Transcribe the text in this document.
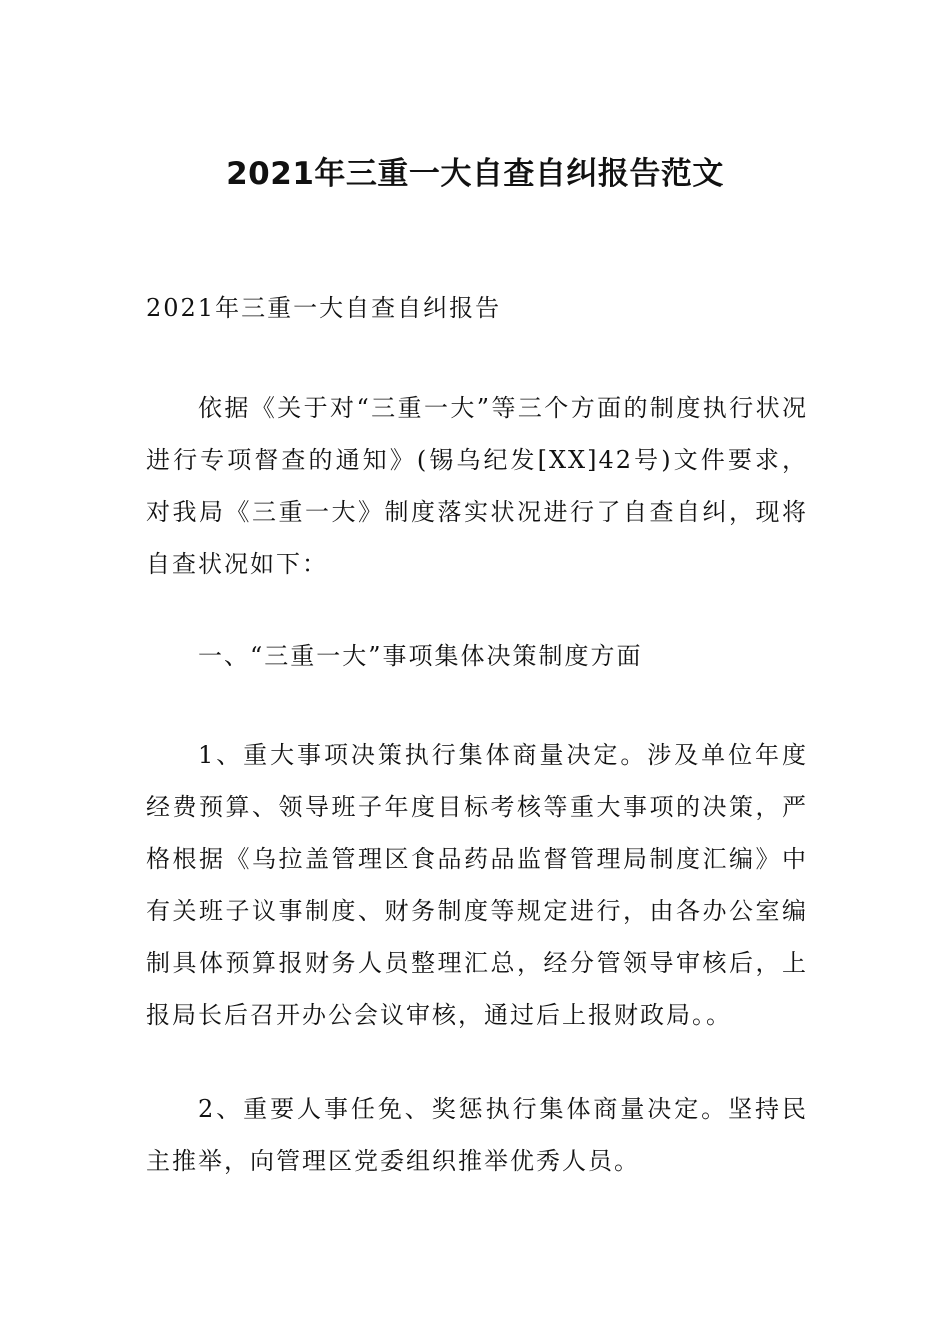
2021年三重一大自查自纠报告范文

2021年三重一大自查自纠报告

依据《关于对“三重一大”等三个方面的制度执行状况进行专项督查的通知》(锡乌纪发[XX]42号)文件要求，对我局《三重一大》制度落实状况进行了自查自纠，现将自查状况如下：

一、“三重一大”事项集体决策制度方面

1、重大事项决策执行集体商量决定。涉及单位年度经费预算、领导班子年度目标考核等重大事项的决策，严格根据《乌拉盖管理区食品药品监督管理局制度汇编》中有关班子议事制度、财务制度等规定进行，由各办公室编制具体预算报财务人员整理汇总，经分管领导审核后，上报局长后召开办公会议审核，通过后上报财政局。。

2、重要人事任免、奖惩执行集体商量决定。坚持民主推举，向管理区党委组织推举优秀人员。
